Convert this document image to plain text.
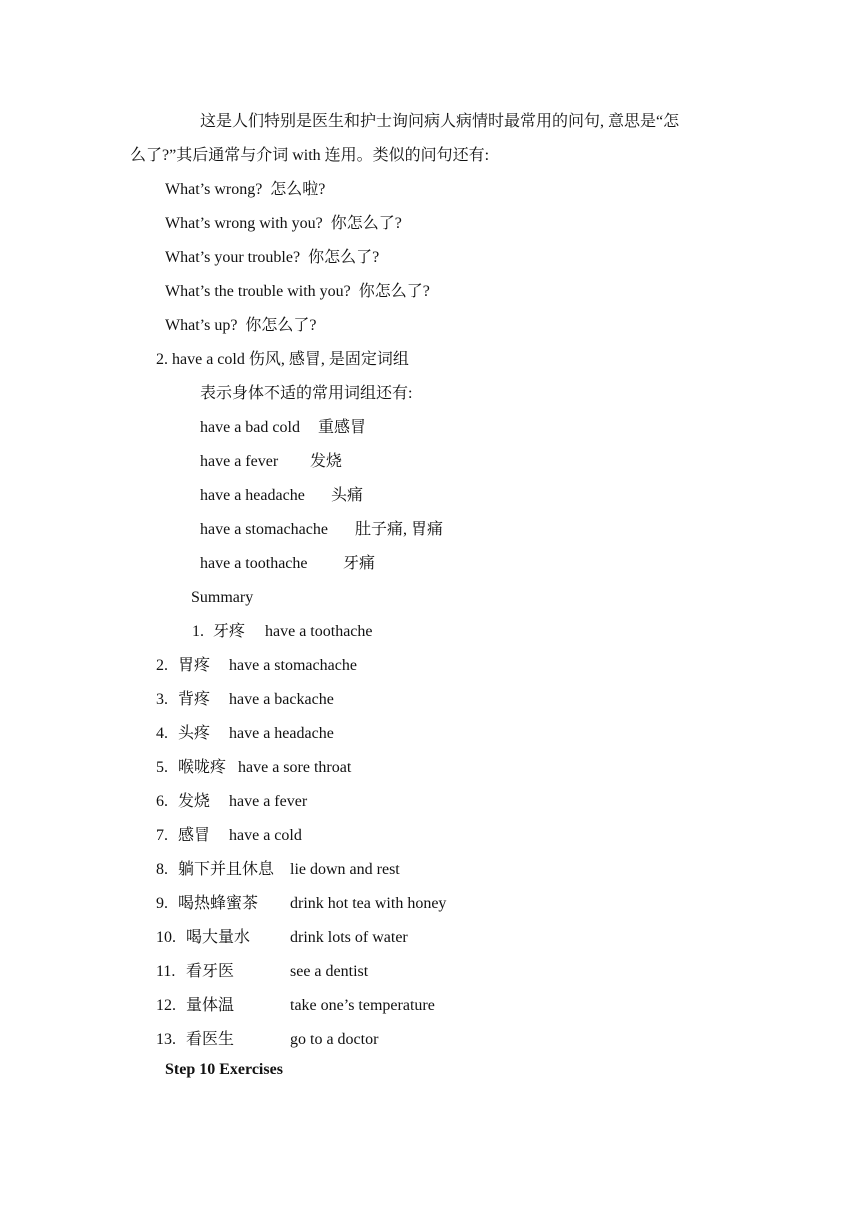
这是人们特别是医生和护士询问病人病情时最常用的问句, 意思是“怎
么了?”其后通常与介词 with 连用。类似的问句还有:
What’s wrong?  怎么啦?
What’s wrong with you?  你怎么了?
What’s your trouble?  你怎么了?
What’s the trouble with you?  你怎么了?
What’s up?  你怎么了?
2. have a cold 伤风, 感冒, 是固定词组
表示身体不适的常用词组还有:
have a bad cold 重感冒
have a fever 发烧
have a headache 头痛
have a stomachache 肚子痛, 胃痛
have a toothache 牙痛
Summary
1. 牙疼 have a toothache
2. 胃疼 have a stomachache
3. 背疼 have a backache
4. 头疼 have a headache
5. 喉咙疼 have a sore throat
6. 发烧 have a fever
7. 感冒 have a cold
8. 躺下并且休息 lie down and rest
9. 喝热蜂蜜茶 drink hot tea with honey
10. 喝大量水 drink lots of water
11. 看牙医	see a dentist
12. 量体温	take one’s temperature
13. 看医生	go to a doctor
Step 10 Exercises
